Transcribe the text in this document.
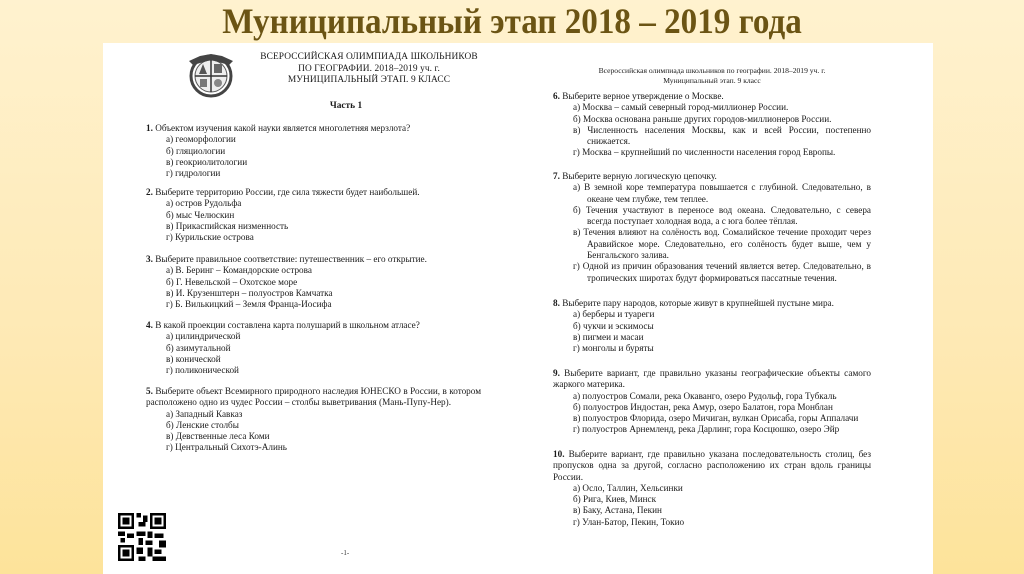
Муниципальный этап 2018 – 2019 года
ВСЕРОССИЙСКАЯ ОЛИМПИАДА ШКОЛЬНИКОВ
ПО ГЕОГРАФИИ. 2018–2019 уч. г.
МУНИЦИПАЛЬНЫЙ ЭТАП. 9 КЛАСС
Часть 1
1. Объектом изучения какой науки является многолетняя мерзлота?
а) геоморфологии
б) гляциологии
в) геокриолитологии
г) гидрологии
2. Выберите территорию России, где сила тяжести будет наибольшей.
а) остров Рудольфа
б) мыс Челюскин
в) Прикаспийская низменность
г) Курильские острова
3. Выберите правильное соответствие: путешественник – его открытие.
а) В. Беринг – Командорские острова
б) Г. Невельской – Охотское море
в) И. Крузенштерн – полуостров Камчатка
г) Б. Вилькицкий – Земля Франца-Иосифа
4. В какой проекции составлена карта полушарий в школьном атласе?
а) цилиндрической
б) азимутальной
в) конической
г) поликонической
5. Выберите объект Всемирного природного наследия ЮНЕСКО в России, в котором расположено одно из чудес России – столбы выветривания (Мань-Пупу-Нер).
а) Западный Кавказ
б) Ленские столбы
в) Девственные леса Коми
г) Центральный Сихотэ-Алинь
-1-
Всероссийская олимпиада школьников по географии. 2018–2019 уч. г.
Муниципальный этап. 9 класс
6. Выберите верное утверждение о Москве.
а) Москва – самый северный город-миллионер России.
б) Москва основана раньше других городов-миллионеров России.
в) Численность населения Москвы, как и всей России, постепенно снижается.
г) Москва – крупнейший по численности населения город Европы.
7. Выберите верную логическую цепочку.
а) В земной коре температура повышается с глубиной. Следовательно, в океане чем глубже, тем теплее.
б) Течения участвуют в переносе вод океана. Следовательно, с севера всегда поступает холодная вода, а с юга более тёплая.
в) Течения влияют на солёность вод. Сомалийское течение проходит через Аравийское море. Следовательно, его солёность будет выше, чем у Бенгальского залива.
г) Одной из причин образования течений является ветер. Следовательно, в тропических широтах будут формироваться пассатные течения.
8. Выберите пару народов, которые живут в крупнейшей пустыне мира.
а) берберы и туареги
б) чукчи и эскимосы
в) пигмеи и масаи
г) монголы и буряты
9. Выберите вариант, где правильно указаны географические объекты самого жаркого материка.
а) полуостров Сомали, река Окаванго, озеро Рудольф, гора Тубкаль
б) полуостров Индостан, река Амур, озеро Балатон, гора Монблан
в) полуостров Флорида, озеро Мичиган, вулкан Орисаба, горы Аппалачи
г) полуостров Арнемленд, река Дарлинг, гора Косцюшко, озеро Эйр
10. Выберите вариант, где правильно указана последовательность столиц, без пропусков одна за другой, согласно расположению их стран вдоль границы России.
а) Осло, Таллин, Хельсинки
б) Рига, Киев, Минск
в) Баку, Астана, Пекин
г) Улан-Батор, Пекин, Токио
